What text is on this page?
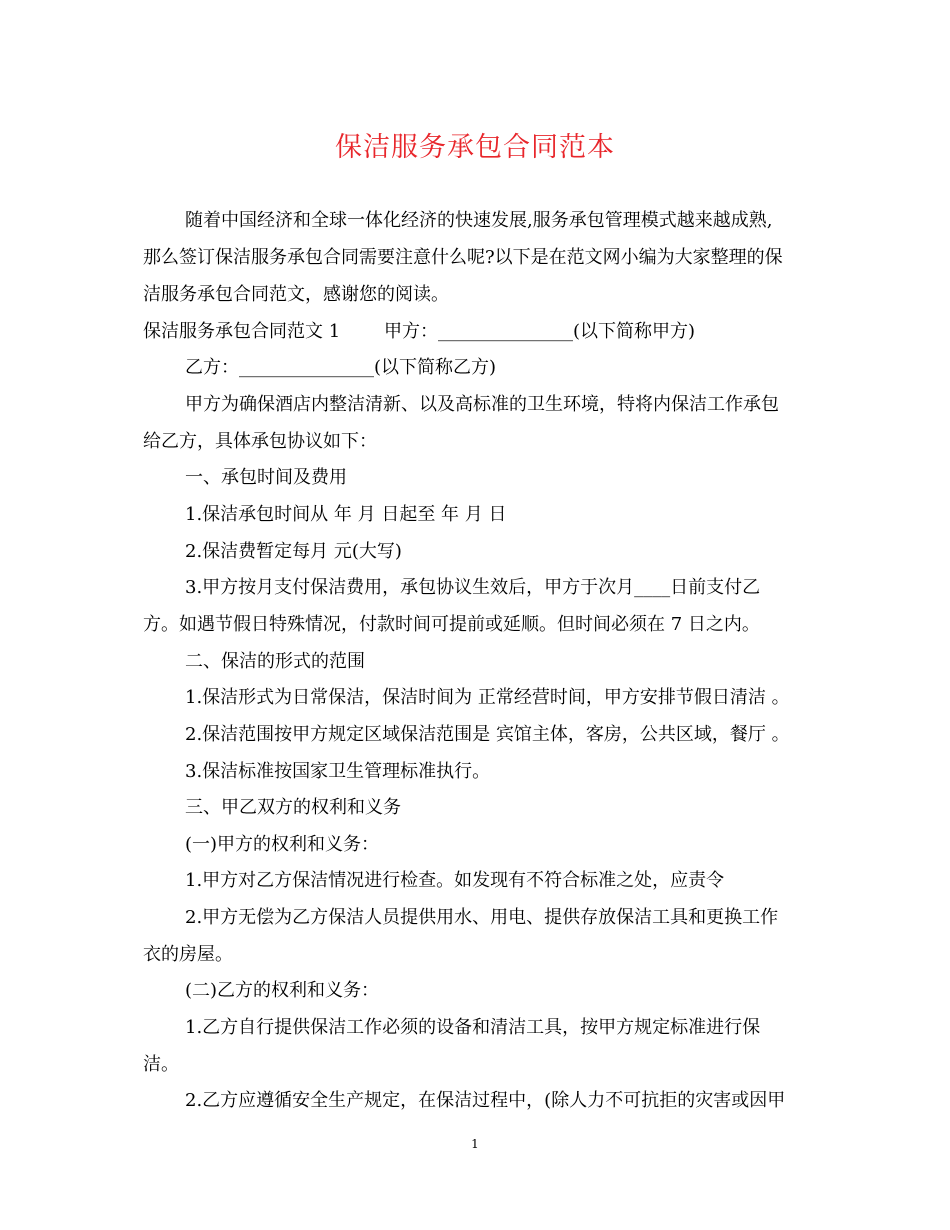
保洁服务承包合同范本
随着中国经济和全球一体化经济的快速发展,服务承包管理模式越来越成熟,
那么签订保洁服务承包合同需要注意什么呢?以下是在范文网小编为大家整理的保
洁服务承包合同范文，感谢您的阅读。
保洁服务承包合同范文 1 甲方：_______________(以下简称甲方)
乙方：_______________(以下简称乙方)
甲方为确保酒店内整洁清新、以及高标准的卫生环境，特将内保洁工作承包
给乙方，具体承包协议如下：
一、承包时间及费用
1.保洁承包时间从 年 月 日起至 年 月 日
2.保洁费暂定每月 元(大写)
3.甲方按月支付保洁费用，承包协议生效后，甲方于次月____日前支付乙
方。如遇节假日特殊情况，付款时间可提前或延顺。但时间必须在 7 日之内。
二、保洁的形式的范围
1.保洁形式为日常保洁，保洁时间为 正常经营时间，甲方安排节假日清洁 。
2.保洁范围按甲方规定区域保洁范围是 宾馆主体，客房，公共区域，餐厅 。
3.保洁标准按国家卫生管理标准执行。
三、甲乙双方的权利和义务
(一)甲方的权利和义务：
1.甲方对乙方保洁情况进行检查。如发现有不符合标准之处，应责令
2.甲方无偿为乙方保洁人员提供用水、用电、提供存放保洁工具和更换工作
衣的房屋。
(二)乙方的权利和义务：
1.乙方自行提供保洁工作必须的设备和清洁工具，按甲方规定标准进行保
洁。
2.乙方应遵循安全生产规定，在保洁过程中，(除人力不可抗拒的灾害或因甲
1
